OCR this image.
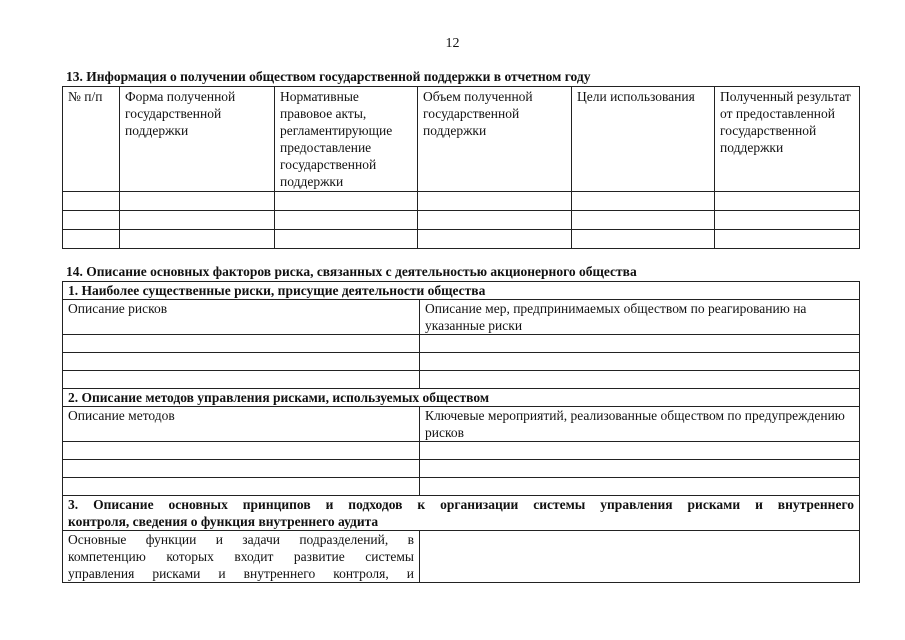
12
13. Информация о получении обществом государственной поддержки в отчетном году
№ п/п	Форма полученной государственной поддержки	Нормативные правовое акты, регламентирующие предоставление государственной поддержки	Объем полученной государственной поддержки	Цели использования	Полученный результат от предоставленной государственной поддержки

14. Описание основных факторов риска, связанных с деятельностью акционерного общества
1. Наиболее существенные риски, присущие деятельности общества	
Описание рисков	Описание мер, предпринимаемых обществом по реагированию на указанные риски

2. Описание методов управления рисками, используемых обществом	
Описание методов	Ключевые мероприятий, реализованные обществом по предупреждению рисков

3. Описание основных принципов и подходов к организации системы управления рисками и внутреннего
контроля, сведения о функция внутреннего аудита	

Основные функции и задачи подразделений, в
компетенцию которых входит развитие системы
управления рисками и внутреннего контроля, и	
